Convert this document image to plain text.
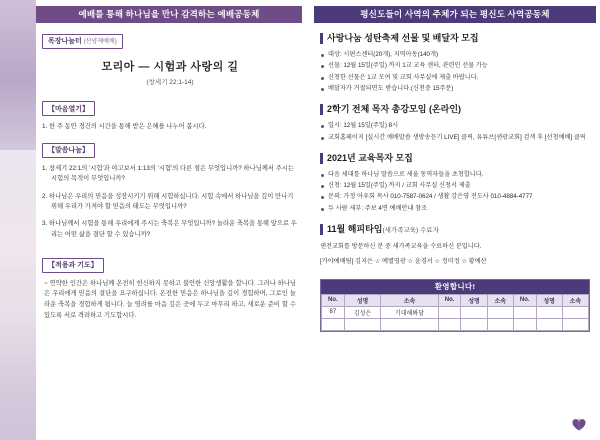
예배를 통해 하나님을 만나 감격하는 예배공동체
목장나눔터 (산양제예배)
모리아 — 시험과 사랑의 길
(창세기 22:1-14)
【마음열기】
1. 한 주 동안 경건의 시간을 통해 받은 은혜를 나누어 봅시다.
【말씀나눔】
1. 창세기 22:1의 '시험'과 야고보서 1:13의 '시험'의 다른 점은 무엇입니까? 하나님께서 주시는 시험의 목적이 무엇입니까?
2. 하나님은 우리의 믿음을 성장시키기 위해 시험하십니다. 시험 속에서 하나님을 깊이 만나기 위해 우리가 가져야 할 믿음의 태도는 무엇입니까?
3. 하나님께서 시험을 통해 우리에게 주시는 축복은 무엇입니까? 놀라운 축복을 통해 앞으로 우리는 어떤 삶을 결단 할 수 있습니까?
【적용과 기도】
~ 연약한 인간은 하나님께 온전히 헌신하지 못하고 불안한 신앙생활을 합니다. 그러나 하나님은 우리에게 믿음의 결단을 요구하십니다. 온전한 믿음은 하나님을 깊이 경험하며, 그로인 놀라운 축복을 경험하게 됩니다. 늘 염려를 마음 깊은 곳에 두고 마무리 하고, 새로운 준비 할 수 있도록 서로 격려하고 기도합시다.
평신도들이 사역의 주체가 되는 평신도 사역공동체
사랑나눔 성탄축제 선물 및 배달자 모집
대상: 시편스센터(20개), 지역아동(140개)
선물: 12월 15일(주일) 까지 1교 교육 센터, 관련인 선물 가능
신청한 선물은 1교 모여 및 교회 사무실에 제출 바랍니다.
배달자가 거절되면도 받습니다.(신천중 15주문)
2학기 전체 목자 총강모임 (온라인)
일시: 12월 15일(주일) 8시
교회홈페이지 [실시간 예배말씀 생방송듣기 LIVE] 클릭, 유튜브[샌광교회] 검색 후 [선청예배] 클릭
2021년 교육목자 모집
다음 세대를 하나님 말씀으로 세울 동역자들을 초청합니다.
신청: 12월 15일(주일) 까지 / 교회 사무실 신청서 제출
문의: 가정 아우회 목사 010-7587-0624 / 생활 강은영 전도사 010-4884-4777
두 사람 세부: 주보 4면 예배안내 참조
11월 해피타임(새가족교육) 수료자
샌전교회를 방문하신 분 중 새가족교육을 수료하신 분입니다.
[가야예배팀] 김지은 ☆ 예별영광 ☆ 윤경서 ☆ 정미정 ☆ 황예산
환영합니다!
No.	성명	소속	No.	성명	소속	No.	성명	소속
87	김성은	기대해봐달						
